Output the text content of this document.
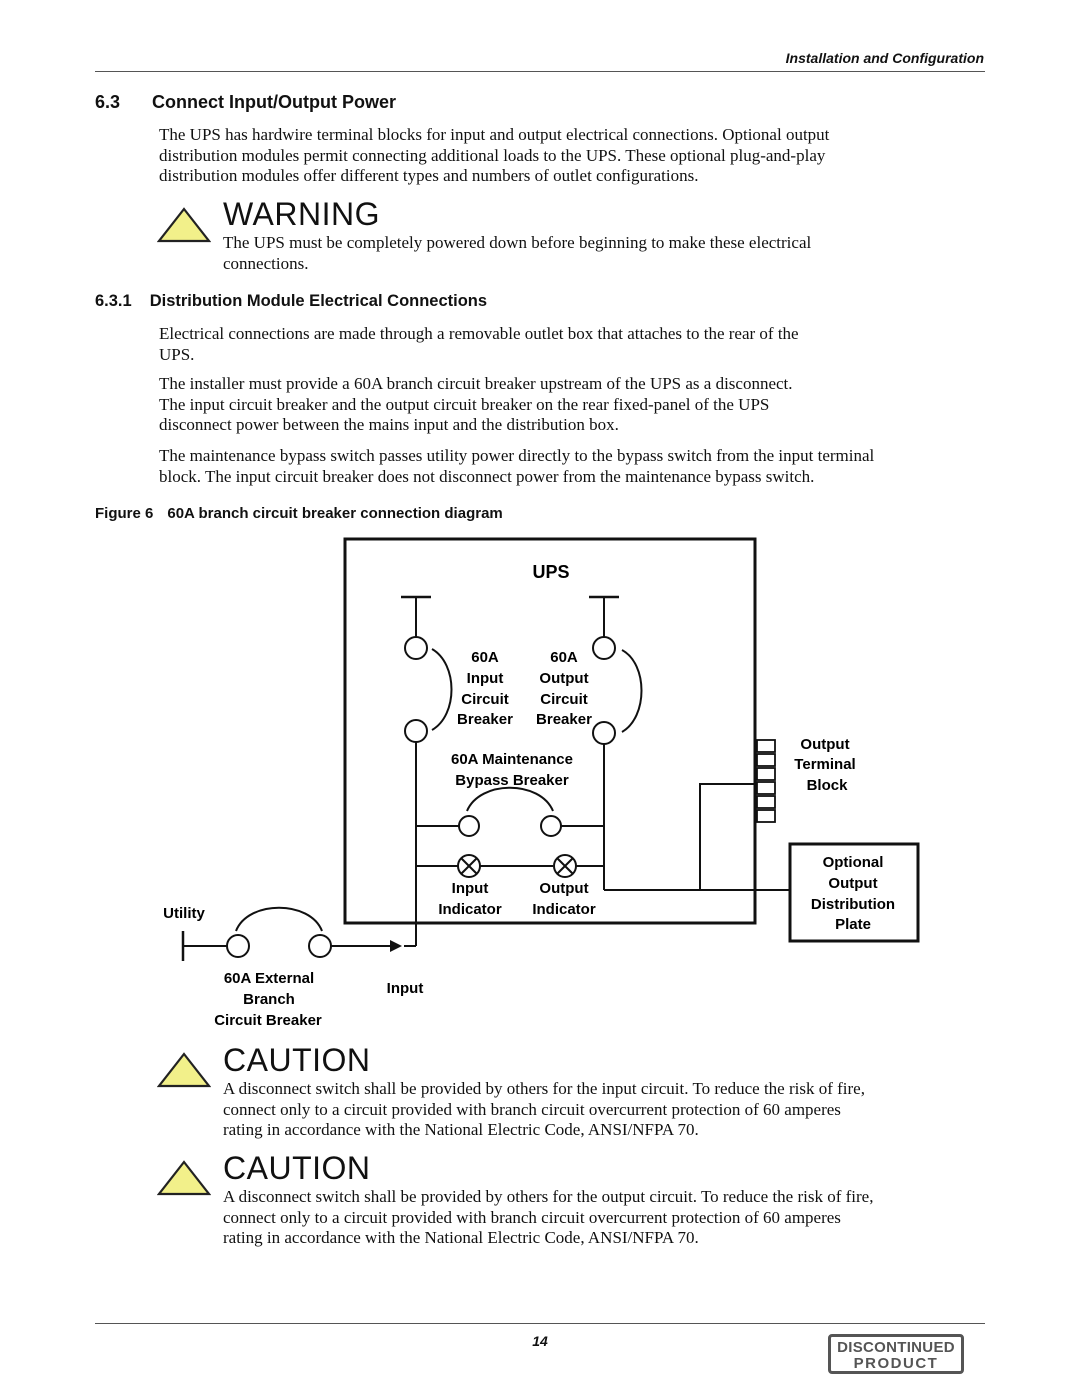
Installation and Configuration
6.3 Connect Input/Output Power

The UPS has hardwire terminal blocks for input and output electrical connections. Optional output

distribution modules permit connecting additional loads to the UPS. These optional plug-and-play

distribution modules offer different types and numbers of outlet configurations.

WARNING

The UPS must be completely powered down before beginning to make these electrical

connections.

6.3.1 Distribution Module Electrical Connections

Electrical connections are made through a removable outlet box that attaches to the rear of the

UPS.

The installer must provide a 60A branch circuit breaker upstream of the UPS as a disconnect.

The input circuit breaker and the output circuit breaker on the rear fixed-panel of the UPS

disconnect power between the mains input and the distribution box.

The maintenance bypass switch passes utility power directly to the bypass switch from the input terminal

block. The input circuit breaker does not disconnect power from the maintenance bypass switch.

Figure 6 60A branch circuit breaker connection diagram
UPS
60A
Input
Circuit
Breaker
60A
Output
Circuit
Breaker
60A Maintenance
Bypass Breaker
Input
Indicator
Output
Indicator
Output
Terminal
Block
Optional
Output
Distribution
Plate
Utility
60A External
Branch
Circuit Breaker
Input
CAUTION

A disconnect switch shall be provided by others for the input circuit. To reduce the risk of fire,

connect only to a circuit provided with branch circuit overcurrent protection of 60 amperes

rating in accordance with the National Electric Code, ANSI/NFPA 70.

CAUTION

A disconnect switch shall be provided by others for the output circuit. To reduce the risk of fire,

connect only to a circuit provided with branch circuit overcurrent protection of 60 amperes

rating in accordance with the National Electric Code, ANSI/NFPA 70.

14	DISCONTINUED
PRODUCT
